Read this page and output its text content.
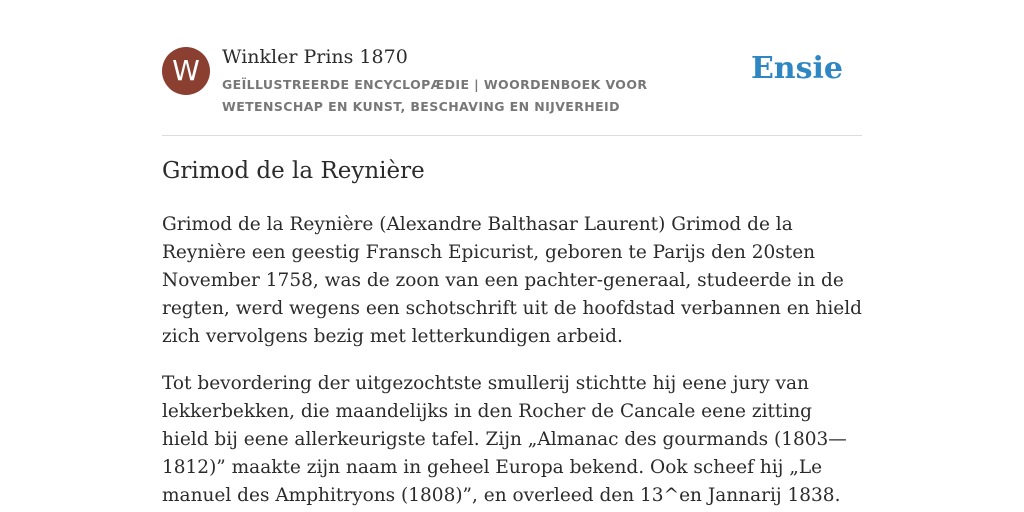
W	Winkler Prins 1870
GEÏLLUSTREERDE ENCYCLOPÆDIE | WOORDENBOEK VOOR WETENSCHAP EN KUNST, BESCHAVING EN NIJVERHEID
Ensie
Grimod de la Reynière

Grimod de la Reynière (Alexandre Balthasar Laurent) Grimod de la Reynière een geestig Fransch Epicurist, geboren te Parijs den 20sten November 1758, was de zoon van een pachter-generaal, studeerde in de regten, werd wegens een schotschrift uit de hoofdstad verbannen en hield zich vervolgens bezig met letterkundigen arbeid.

Tot bevordering der uitgezochtste smullerij stichtte hij eene jury van lekkerbekken, die maandelijks in den Rocher de Cancale eene zitting hield bij eene allerkeurigste tafel. Zijn „Almanac des gourmands (1803—1812)” maakte zijn naam in geheel Europa bekend. Ook scheef hij „Le manuel des Amphitryons (1808)”, en overleed den 13^en Jannarij 1838.
